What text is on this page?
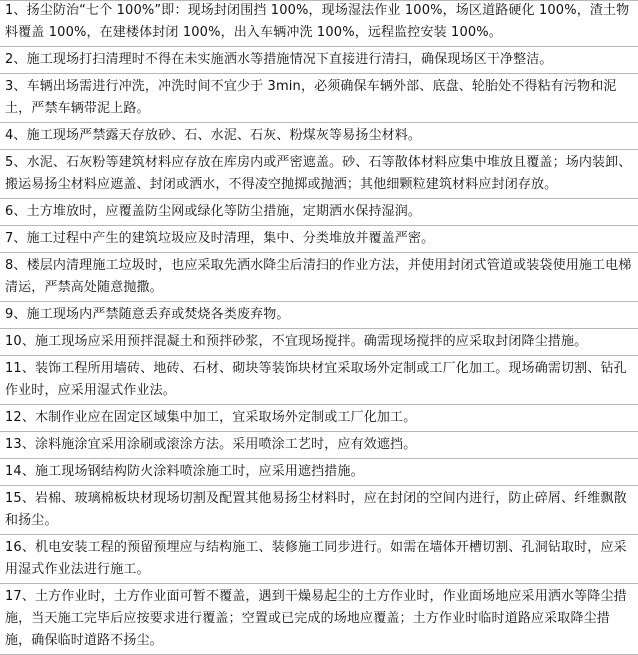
1、扬尘防治“七个 100%”即：现场封闭围挡 100%，现场湿法作业 100%，场区道路硬化 100%，渣土物料覆盖 100%，在建楼体封闭 100%，出入车辆冲洗 100%，远程监控安装 100%。
2、施工现场打扫清理时不得在未实施洒水等措施情况下直接进行清扫，确保现场区干净整洁。
3、车辆出场需进行冲洗，冲洗时间不宜少于 3min，必须确保车辆外部、底盘、轮胎处不得粘有污物和泥土，严禁车辆带泥上路。
4、施工现场严禁露天存放砂、石、水泥、石灰、粉煤灰等易扬尘材料。
5、水泥、石灰粉等建筑材料应存放在库房内或严密遮盖。砂、石等散体材料应集中堆放且覆盖；场内装卸、搬运易扬尘材料应遮盖、封闭或洒水，不得凌空抛掷或抛洒；其他细颗粒建筑材料应封闭存放。
6、土方堆放时，应覆盖防尘网或绿化等防尘措施，定期洒水保持湿润。
7、施工过程中产生的建筑垃圾应及时清理，集中、分类堆放并覆盖严密。
8、楼层内清理施工垃圾时，也应采取先洒水降尘后清扫的作业方法，并使用封闭式管道或装袋使用施工电梯清运，严禁高处随意抛撒。
9、施工现场内严禁随意丢弃或焚烧各类废弃物。
10、施工现场应采用预拌混凝土和预拌砂浆，不宜现场搅拌。确需现场搅拌的应采取封闭降尘措施。
11、装饰工程所用墙砖、地砖、石材、砌块等装饰块材宜采取场外定制或工厂化加工。现场确需切割、钻孔作业时，应采用湿式作业法。
12、木制作业应在固定区域集中加工，宜采取场外定制或工厂化加工。
13、涂料施涂宜采用涂刷或滚涂方法。采用喷涂工艺时，应有效遮挡。
14、施工现场钢结构防火涂料喷涂施工时，应采用遮挡措施。
15、岩棉、玻璃棉板块材现场切割及配置其他易扬尘材料时，应在封闭的空间内进行，防止碎屑、纤维飘散和扬尘。
16、机电安装工程的预留预埋应与结构施工、装修施工同步进行。如需在墙体开槽切割、孔洞钻取时，应采用湿式作业法进行施工。
17、土方作业时，土方作业面可暂不覆盖，遇到干燥易起尘的土方作业时，作业面场地应采用洒水等降尘措施，当天施工完毕后应按要求进行覆盖；空置或已完成的场地应覆盖；土方作业时临时道路应采取降尘措施，确保临时道路不扬尘。
